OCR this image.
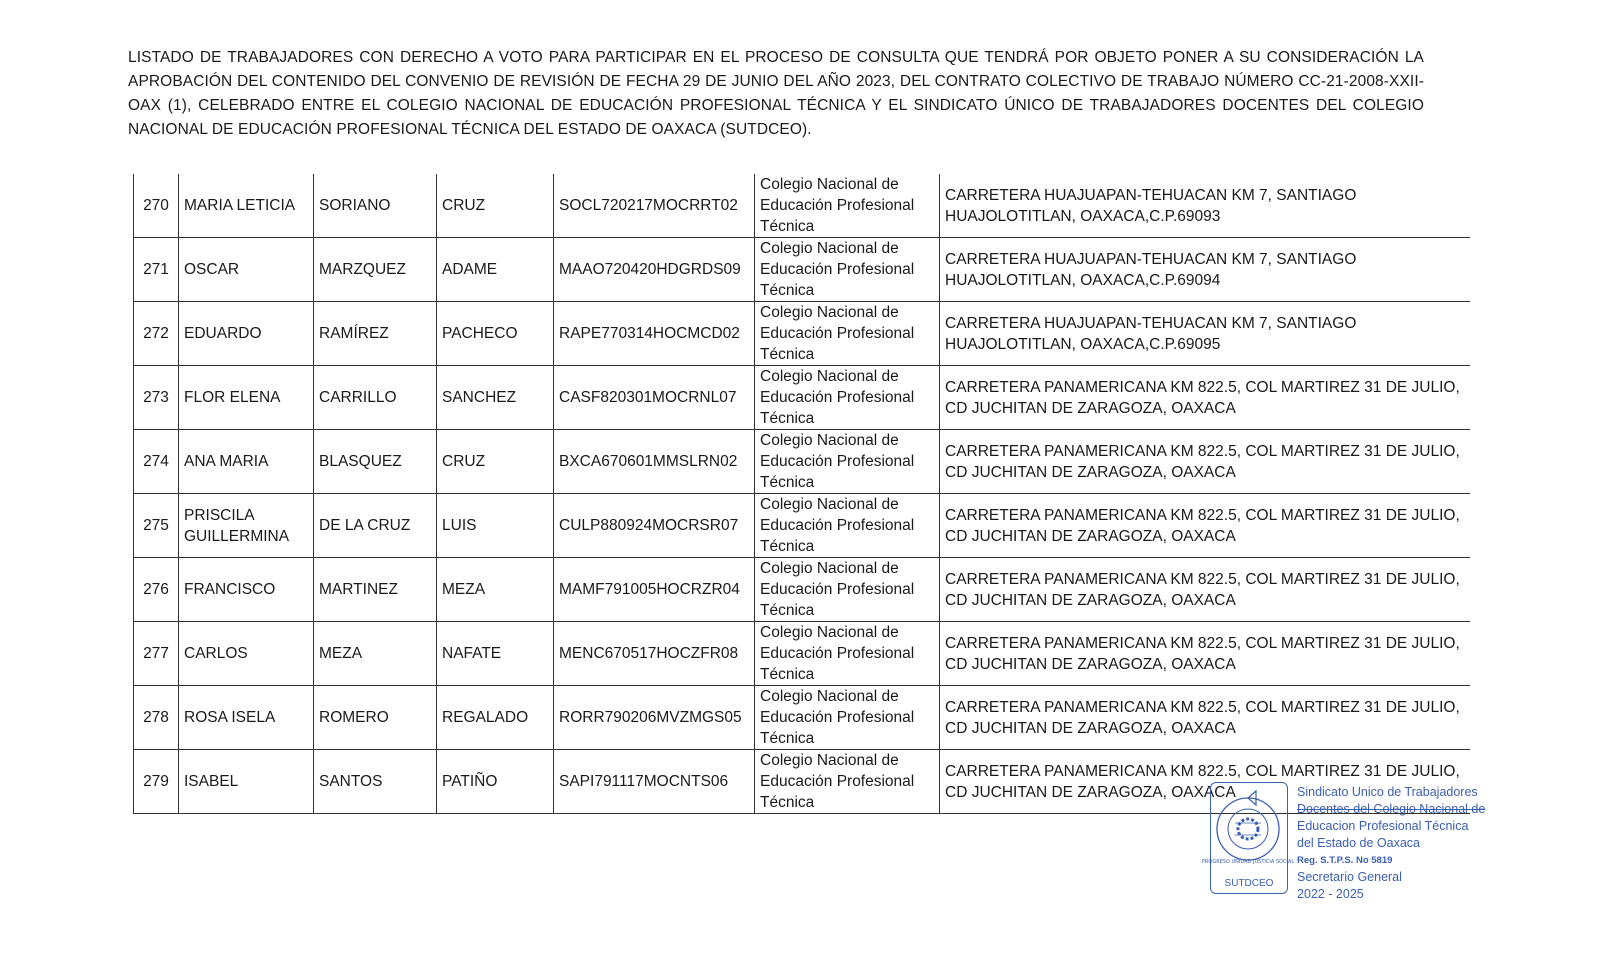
LISTADO DE TRABAJADORES CON DERECHO A VOTO PARA PARTICIPAR EN EL PROCESO DE CONSULTA QUE TENDRÁ POR OBJETO PONER A SU CONSIDERACIÓN LA APROBACIÓN DEL CONTENIDO DEL CONVENIO DE REVISIÓN DE FECHA 29 DE JUNIO DEL AÑO 2023, DEL CONTRATO COLECTIVO DE TRABAJO NÚMERO CC-21-2008-XXII-OAX (1), CELEBRADO ENTRE EL COLEGIO NACIONAL DE EDUCACIÓN PROFESIONAL TÉCNICA Y EL SINDICATO ÚNICO DE TRABAJADORES DOCENTES DEL COLEGIO NACIONAL DE EDUCACIÓN PROFESIONAL TÉCNICA DEL ESTADO DE OAXACA (SUTDCEO).
270	MARIA LETICIA	SORIANO	CRUZ	SOCL720217MOCRRT02	Colegio Nacional de Educación Profesional Técnica	CARRETERA HUAJUAPAN-TEHUACAN KM 7, SANTIAGO HUAJOLOTITLAN, OAXACA,C.P.69093
271	OSCAR	MARZQUEZ	ADAME	MAAO720420HDGRDS09	Colegio Nacional de Educación Profesional Técnica	CARRETERA HUAJUAPAN-TEHUACAN KM 7, SANTIAGO HUAJOLOTITLAN, OAXACA,C.P.69094
272	EDUARDO	RAMÍREZ	PACHECO	RAPE770314HOCMCD02	Colegio Nacional de Educación Profesional Técnica	CARRETERA HUAJUAPAN-TEHUACAN KM 7, SANTIAGO HUAJOLOTITLAN, OAXACA,C.P.69095
273	FLOR ELENA	CARRILLO	SANCHEZ	CASF820301MOCRNL07	Colegio Nacional de Educación Profesional Técnica	CARRETERA PANAMERICANA KM 822.5, COL MARTIREZ 31 DE JULIO, CD JUCHITAN DE ZARAGOZA, OAXACA
274	ANA MARIA	BLASQUEZ	CRUZ	BXCA670601MMSLRN02	Colegio Nacional de Educación Profesional Técnica	CARRETERA PANAMERICANA KM 822.5, COL MARTIREZ 31 DE JULIO, CD JUCHITAN DE ZARAGOZA, OAXACA
275	PRISCILA GUILLERMINA	DE LA CRUZ	LUIS	CULP880924MOCRSR07	Colegio Nacional de Educación Profesional Técnica	CARRETERA PANAMERICANA KM 822.5, COL MARTIREZ 31 DE JULIO, CD JUCHITAN DE ZARAGOZA, OAXACA
276	FRANCISCO	MARTINEZ	MEZA	MAMF791005HOCRZR04	Colegio Nacional de Educación Profesional Técnica	CARRETERA PANAMERICANA KM 822.5, COL MARTIREZ 31 DE JULIO, CD JUCHITAN DE ZARAGOZA, OAXACA
277	CARLOS	MEZA	NAFATE	MENC670517HOCZFR08	Colegio Nacional de Educación Profesional Técnica	CARRETERA PANAMERICANA KM 822.5, COL MARTIREZ 31 DE JULIO, CD JUCHITAN DE ZARAGOZA, OAXACA
278	ROSA ISELA	ROMERO	REGALADO	RORR790206MVZMGS05	Colegio Nacional de Educación Profesional Técnica	CARRETERA PANAMERICANA KM 822.5, COL MARTIREZ 31 DE JULIO, CD JUCHITAN DE ZARAGOZA, OAXACA
279	ISABEL	SANTOS	PATIÑO	SAPI791117MOCNTS06	Colegio Nacional de Educación Profesional Técnica	CARRETERA PANAMERICANA KM 822.5, COL MARTIREZ 31 DE JULIO, CD JUCHITAN DE ZARAGOZA, OAXACA
PROGRESO UNIDAD JUSTICIA SOCIAL
SUTDCEO
Sindicato Unico de Trabajadores
Docentes del Colegio Nacional de
Educacion Profesional Técnica
del Estado de Oaxaca
Reg. S.T.P.S. No 5819
Secretario General
2022 - 2025
